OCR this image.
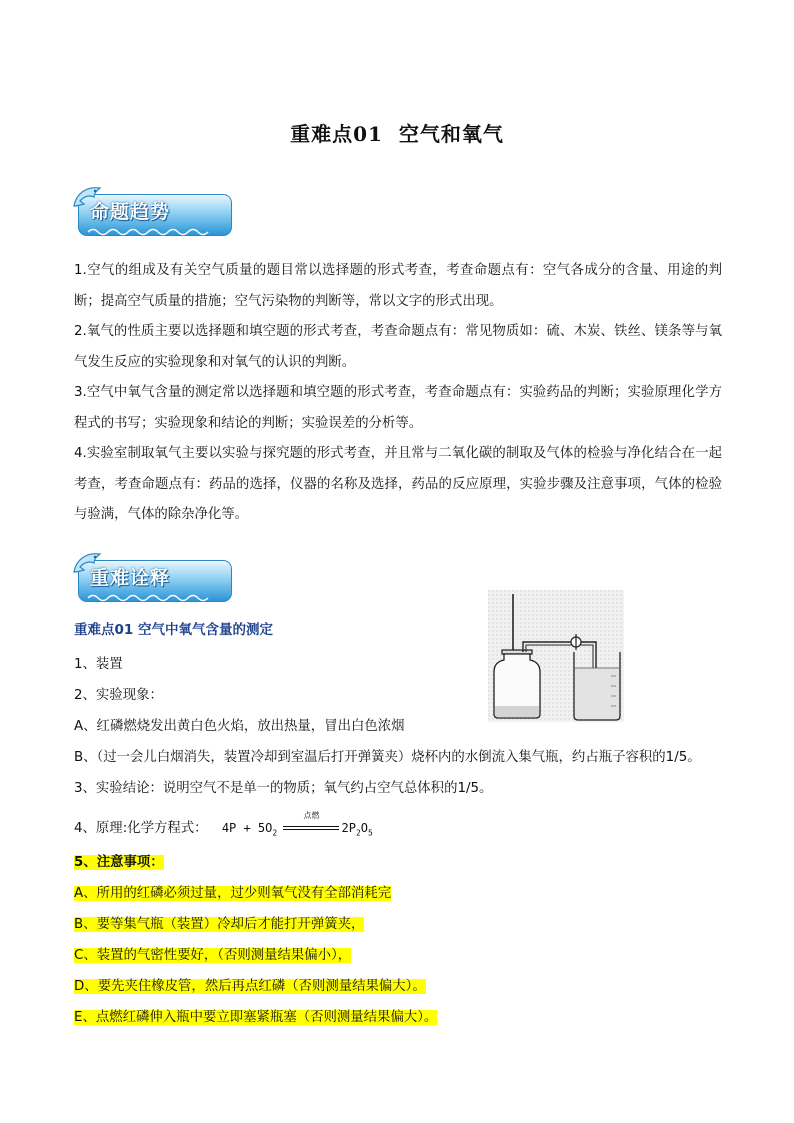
重难点01 空气和氧气
命题趋势
1.空气的组成及有关空气质量的题目常以选择题的形式考查，考查命题点有：空气各成分的含量、用途的判断；提高空气质量的措施；空气污染物的判断等，常以文字的形式出现。
2.氧气的性质主要以选择题和填空题的形式考查，考查命题点有：常见物质如：硫、木炭、铁丝、镁条等与氧气发生反应的实验现象和对氧气的认识的判断。
3.空气中氧气含量的测定常以选择题和填空题的形式考查，考查命题点有：实验药品的判断；实验原理化学方程式的书写；实验现象和结论的判断；实验误差的分析等。
4.实验室制取氧气主要以实验与探究题的形式考查，并且常与二氧化碳的制取及气体的检验与净化结合在一起考查，考查命题点有：药品的选择，仪器的名称及选择，药品的反应原理，实验步骤及注意事项，气体的检验与验满，气体的除杂净化等。
重难诠释
重难点01 空气中氧气含量的测定
1、装置
2、实验现象：
A、红磷燃烧发出黄白色火焰，放出热量，冒出白色浓烟
B、（过一会儿白烟消失，装置冷却到室温后打开弹簧夹）烧杯内的水倒流入集气瓶，约占瓶子容积的1/5。
3、实验结论：说明空气不是单一的物质；氧气约占空气总体积的1/5。
4、原理:化学方程式： $4P + 5O_2$
点燃
$2P_2O_5$
5、注意事项：
A、所用的红磷必须过量，过少则氧气没有全部消耗完
B、要等集气瓶（装置）冷却后才能打开弹簧夹，
C、装置的气密性要好，（否则测量结果偏小），
D、要先夹住橡皮管，然后再点红磷（否则测量结果偏大）。
E、点燃红磷伸入瓶中要立即塞紧瓶塞（否则测量结果偏大）。
